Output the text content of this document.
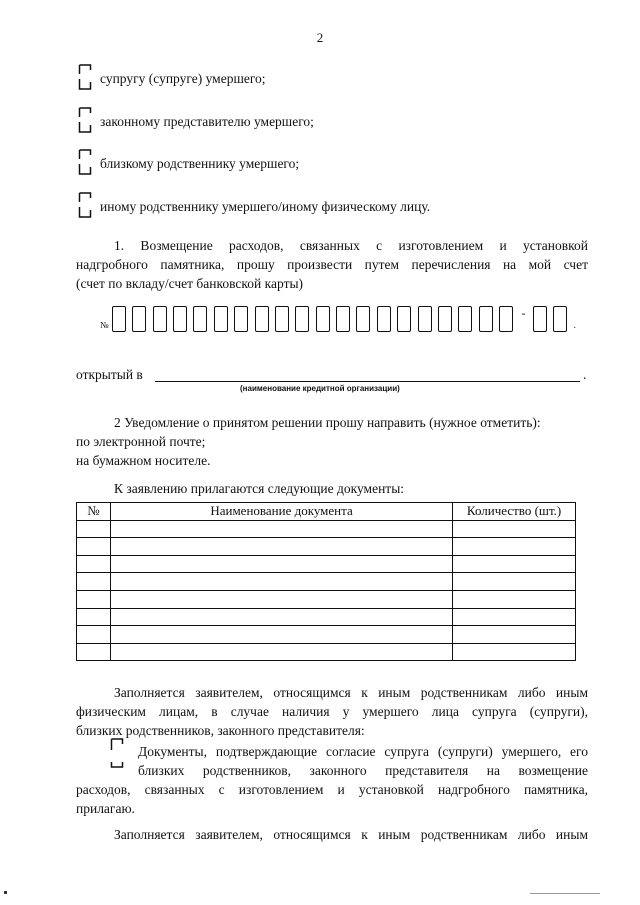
2
супругу (супруге) умершего;
законному представителю умершего;
близкому родственнику умершего;
иному родственнику умершего/иному физическому лицу.
1. Возмещение расходов, связанных с изготовлением и установкой
надгробного памятника, прошу произвести путем перечисления на мой счет
(счет по вкладу/счет банковской карты)
№                     -   .
открытый в	.
(наименование кредитной организации)
2 Уведомление о принятом решении прошу направить (нужное отметить):
по электронной почте;
на бумажном носителе.
К заявлению прилагаются следующие документы:
№	Наименование документа	Количество (шт.)

Заполняется заявителем, относящимся к иным родственникам либо иным
физическим лицам, в случае наличия у умершего лица супруга (супруги),
близких родственников, законного представителя:
Документы, подтверждающие согласие супруга (супруги) умершего, его
близких родственников, законного представителя на возмещение
расходов, связанных с изготовлением и установкой надгробного памятника,
прилагаю.
Заполняется заявителем, относящимся к иным родственникам либо иным
